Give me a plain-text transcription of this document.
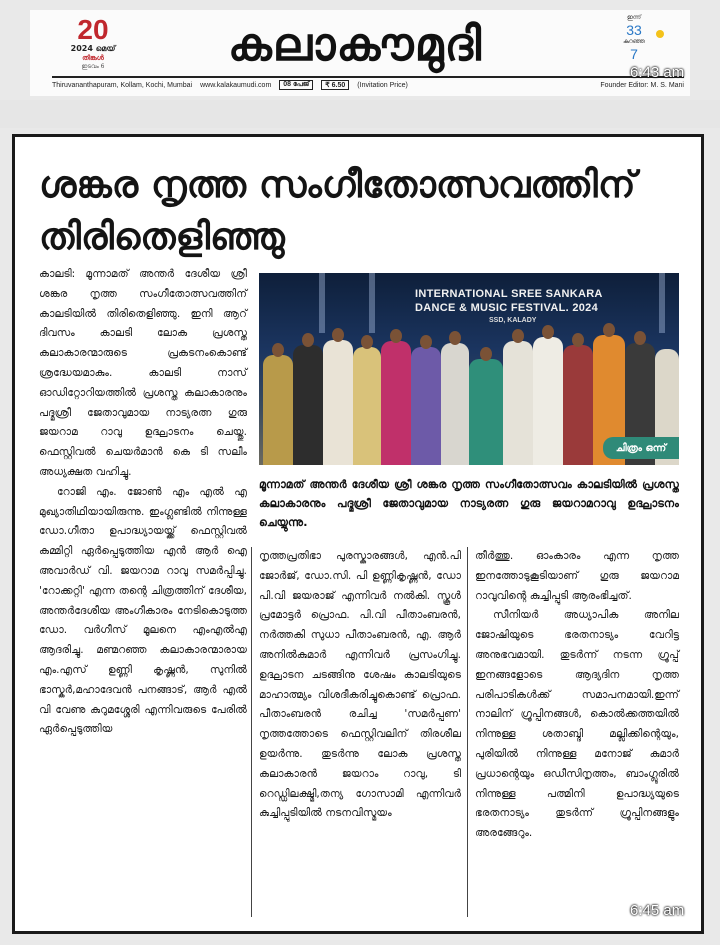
20
2024 മെയ്
തിങ്കൾ
ഇടവം 6	കലാകൗമുദി	ഇന്ന്
33
കുറഞ്ഞ
7
Thiruvananthapuram, Kollam, Kochi, Mumbai www.kalakaumudi.com	08 പേജ്	₹ 6.50	(Invitation Price)	Founder Editor: M. S. Mani
6:43 am
ശങ്കര നൃത്ത സംഗീതോത്സവത്തിന് തിരിതെളിഞ്ഞു

കാലടി: മൂന്നാമത് അന്തർ ദേശീയ ശ്രീ ശങ്കര നൃത്ത സംഗീതോത്സവത്തിന് കാലടിയിൽ തിരിതെളിഞ്ഞു. ഇനി ആറ് ദിവസം കാലടി ലോക പ്രശസ്ത കലാകാരന്മാരുടെ പ്രകടനംകൊണ്ട് ശ്രദ്ധേയമാകും. കാലടി നാസ് ഓഡിറ്റോറിയത്തിൽ പ്രശസ്ത കലാകാരനും പദ്മശ്രീ ജേതാവുമായ നാട്യരത്ന ഗുരു ജയറാമ റാവു ഉദ്ഘാടനം ചെയ്തു. ഫെസ്റ്റിവൽ ചെയർമാൻ കെ ടി സലീം അധ്യക്ഷത വഹിച്ചു.

റോജി എം. ജോൺ എം എൽ എ മുഖ്യാതിഥിയായിരുന്നു. ഇംഗ്ലണ്ടിൽ നിന്നുള്ള ഡോ.ഗീതാ ഉപാദ്ധ്യായയ്ക്ക് ഫെസ്റ്റിവൽ കമ്മിറ്റി ഏർപ്പെടുത്തിയ എൻ ആർ ഐ അവാർഡ് വി. ജയറാമ റാവു സമർപ്പിച്ചു. 'റോക്കറ്റി' എന്ന തന്റെ ചിത്രത്തിന് ദേശീയ, അന്തർദേശീയ അംഗീകാരം നേടികൊടുത്ത ഡോ. വർഗീസ് മൂലനെ എംഎൽഎ ആദരിച്ചു. മണ്മറഞ്ഞ കലാകാരന്മാരായ എം.എസ് ഉണ്ണി കൃഷ്ണൻ, സുനിൽ ഭാസ്കർ,മഹാദേവൻ പനങ്ങാട്, ആർ എൽ വി വേണു കുറുമശ്ശേരി എന്നിവരുടെ പേരിൽ ഏർപ്പെടുത്തിയ

INTERNATIONAL SREE SANKARA
DANCE & MUSIC FESTIVAL. 2024
SSD, KALADY
ചിത്രം ഒന്ന്
മൂന്നാമത് അന്തർ ദേശീയ ശ്രീ ശങ്കര നൃത്ത സംഗീതോത്സവം കാലടിയിൽ പ്രശസ്ത കലാകാരനും പദ്മശ്രീ ജേതാവുമായ നാട്യരത്ന ഗുരു ജയറാമറാവു ഉദ്ഘാടനം ചെയ്യുന്നു.

നൃത്തപ്രതിഭാ പുരസ്കാരങ്ങൾ, എൻ.പി ജോർജ്, ഡോ.സി. പി ഉണ്ണികൃഷ്ണൻ, ഡോ പി.വി ജയരാജ് എന്നിവർ നൽകി. സ്കൂൾ പ്രമോട്ടർ പ്രൊഫ. പി.വി പീതാംബരൻ, നർത്തകി സുധാ പീതാംബരൻ, എ. ആർ അനിൽകുമാർ എന്നിവർ പ്രസംഗിച്ചു. ഉദ്ഘാടന ചടങ്ങിനു ശേഷം കാലടിയുടെ മാഹാത്മ്യം വിശദീകരിച്ചുകൊണ്ട് പ്രൊഫ. പീതാംബരൻ രചിച്ച 'സമർപ്പണ' നൃത്തത്തോടെ ഫെസ്റ്റിവലിന് തിരശീല ഉയർന്നു. തുടർന്നു ലോക പ്രശസ്ത കലാകാരൻ ജയറാം റാവു, ടി റെഡ്ഡിലക്ഷ്മി,തന്യ ഗോസാമി എന്നിവർ കുച്ചിപ്പുടിയിൽ നടനവിസ്മയം

തീർത്തു. ഓംകാരം എന്ന നൃത്ത ഇനത്തോടുകൂടിയാണ് ഗുരു ജയറാമ റാവുവിന്റെ കുച്ചിപ്പുടി ആരംഭിച്ചത്.

സീനിയർ അധ്യാപിക അനില ജോഷിയുടെ ഭരതനാട്യം വേറിട്ട അനുഭവമായി. തുടർന്ന് നടന്ന ഗ്രൂപ്പ് ഇനങ്ങളോടെ ആദ്യദിന നൃത്ത പരിപാടികൾക്ക് സമാപനമായി.ഇന്ന് നാലിന് ഗ്രൂപ്പിനങ്ങൾ, കൊൽക്കത്തയിൽ നിന്നുള്ള ശതാബ്ദി മല്ലിക്കിന്റെയും, പുരിയിൽ നിന്നുള്ള മനോജ് കുമാർ പ്രധാന്റെയും ഒഡീസിനൃത്തം, ബാംഗ്ലൂരിൽ നിന്നുള്ള പത്മിനി ഉപാദ്ധ്യയുടെ ഭരതനാട്യം തുടർന്ന് ഗ്രൂപ്പിനങ്ങളും അരങ്ങേറും.

6:45 am
